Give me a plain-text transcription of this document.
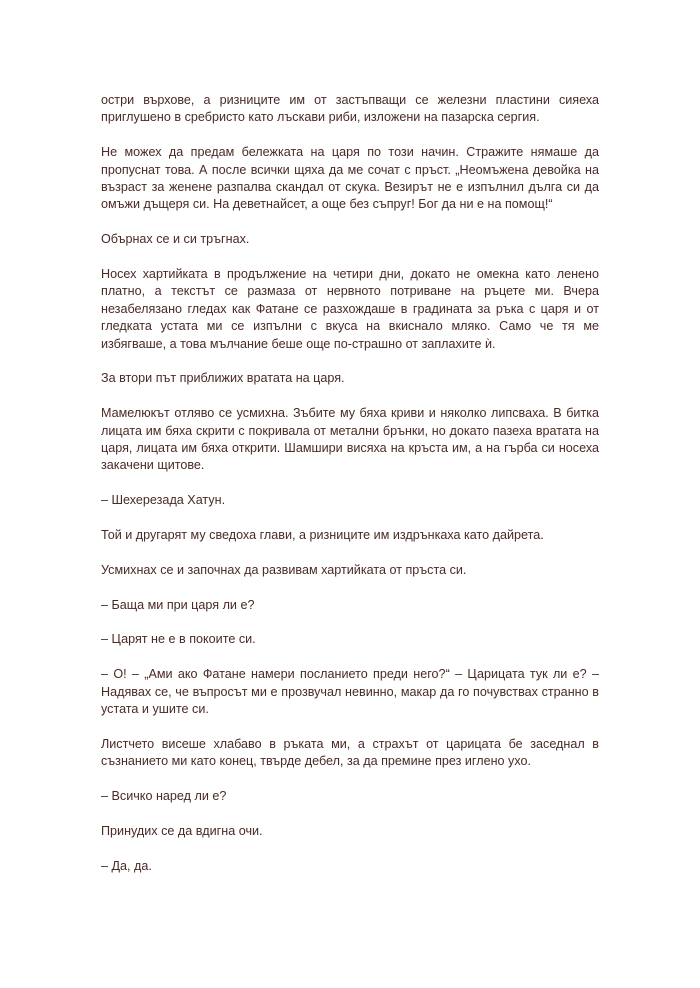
остри върхове, а ризниците им от застъпващи се железни пластини сияеха приглушено в сребристо като лъскави риби, изложени на пазарска сергия.

Не можех да предам бележката на царя по този начин. Стражите нямаше да пропуснат това. А после всички щяха да ме сочат с пръст. „Неомъжена девойка на възраст за женене разпалва скандал от скука. Везирът не е изпълнил дълга си да омъжи дъщеря си. На деветнайсет, а още без съпруг! Бог да ни е на помощ!“

Обърнах се и си тръгнах.

Носех хартийката в продължение на четири дни, докато не омекна като ленено платно, а текстът се размаза от нервното потриване на ръцете ми. Вчера незабелязано гледах как Фатане се разхождаше в градината за ръка с царя и от гледката устата ми се изпълни с вкуса на вкиснало мляко. Само че тя ме избягваше, а това мълчание беше още по-страшно от заплахите ѝ.

За втори път приближих вратата на царя.

Мамелюкът отляво се усмихна. Зъбите му бяха криви и няколко липсваха. В битка лицата им бяха скрити с покривала от метални брънки, но докато пазеха вратата на царя, лицата им бяха открити. Шамшири висяха на кръста им, а на гърба си носеха закачени щитове.

– Шехерезада Хатун.

Той и другарят му сведоха глави, а ризниците им издрънкаха като дайрета.

Усмихнах се и започнах да развивам хартийката от пръста си.

– Баща ми при царя ли е?

– Царят не е в покоите си.

– О! – „Ами ако Фатане намери посланието преди него?“ – Царицата тук ли е? – Надявах се, че въпросът ми е прозвучал невинно, макар да го почувствах странно в устата и ушите си.

Листчето висеше хлабаво в ръката ми, а страхът от царицата бе заседнал в съзнанието ми като конец, твърде дебел, за да премине през иглено ухо.

– Всичко наред ли е?

Принудих се да вдигна очи.

– Да, да.
